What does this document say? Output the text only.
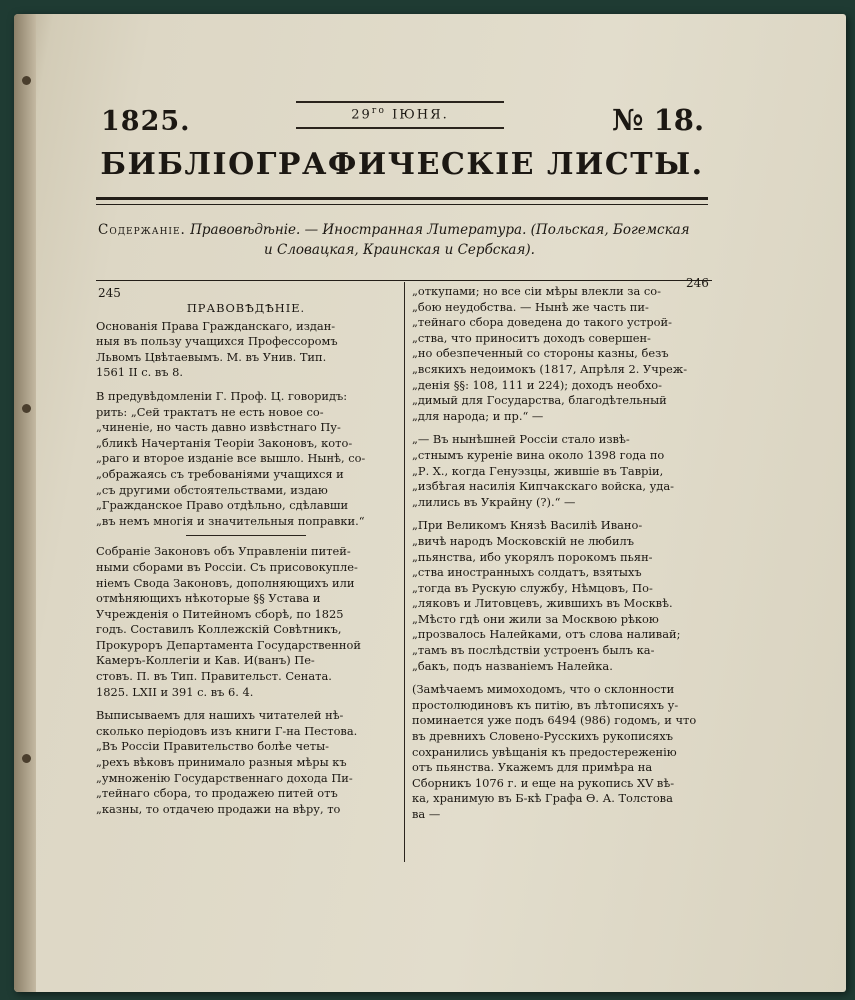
1825.	$29^{го}$ IЮНЯ.	№ 18.
БИБЛІОГРАФИЧЕСКІЕ ЛИСТЫ.
Содержаніе. Правовѣдѣніе. — Иностранная Литература. (Польская, Богемская
и Словацкая, Краинская и Сербская).
245
246

ПРАВОВѢДѢНІЕ.

Основанія Права Гражданскаго, издан-

ныя въ пользу учащихся Профессоромъ

Львомъ Цвѣтаевымъ. М. въ Унив. Тип.

1561 II с. въ 8.

В предувѣдомленіи Г. Проф. Ц. говоридъ:

рить: „Сей трактатъ не есть новое со-

„чиненіе, но часть давно извѣстнаго Пу-

„бликѣ Начертанія Теоріи Законовъ, кото-

„раго и второе изданіе все вышло. Нынѣ, со-

„ображаясь съ требованіями учащихся и

„съ другими обстоятельствами, издаю

„Гражданское Право отдѣльно, сдѣлавши

„въ немъ многія и значительныя поправки.“

Собраніе Законовъ объ Управленіи питей-

ными сборами въ Россіи. Съ присовокупле-

ніемъ Свода Законовъ, дополняющихъ или

отмѣняющихъ нѣкоторые §§ Устава и

Учрежденія о Питейномъ сборѣ, по 1825

годъ. Составилъ Коллежскій Совѣтникъ,

Прокуроръ Департамента Государственной

Камеръ-Коллегіи и Кав. И(ванъ) Пе-

стовъ. П. въ Тип. Правительст. Сената.

1825. LXII и 391 с. въ 6. 4.

Выписываемъ для нашихъ читателей нѣ-

сколько періодовъ изъ книги Г-на Пестова.

„Въ Россіи Правительство болѣе четы-

„рехъ вѣковъ принимало разныя мѣры къ

„умноженію Государственнаго дохода Пи-

„тейнаго сбора, то продажею питей отъ

„казны, то отдачею продажи на вѣру, то

„откупами; но все сіи мѣры влекли за со-

„бою неудобства. — Нынѣ же часть пи-

„тейнаго сбора доведена до такого устрой-

„ства, что приноситъ доходъ совершен-

„но обезпеченный со стороны казны, безъ

„всякихъ недоимокъ (1817, Апрѣля 2. Учреж-

„денія §§: 108, 111 и 224); доходъ необхо-

„димый для Государства, благодѣтельный

„для народа; и пр.“ —

„— Въ нынѣшней Россіи стало извѣ-

„стнымъ куреніе вина около 1398 года по

„Р. Х., когда Генуэзцы, жившіе въ Тавріи,

„избѣгая насилія Кипчакскаго войска, уда-

„лились въ Украйну (?).“ —

„При Великомъ Князѣ Василіѣ Ивано-

„вичѣ народъ Московскій не любилъ

„пьянства, ибо укорялъ порокомъ пьян-

„ства иностранныхъ солдатъ, взятыхъ

„тогда въ Рускую службу, Нѣмцовъ, По-

„ляковъ и Литовцевъ, жившихъ въ Москвѣ.

„Мѣсто гдѣ они жили за Москвою рѣкою

„прозвалось Налейками, отъ слова наливай;

„тамъ въ послѣдствіи устроенъ былъ ка-

„бакъ, подъ названіемъ Налейка.

(Замѣчаемъ мимоходомъ, что о склонности

простолюдиновъ къ питію, въ лѣтописяхъ у-

поминается уже подъ 6494 (986) годомъ, и что

въ древнихъ Словено-Русскихъ рукописяхъ

сохранились увѣщанія къ предостереженію

отъ пьянства. Укажемъ для примѣра на

Сборникъ 1076 г. и еще на рукопись XV вѣ-

ка, хранимую въ Б-кѣ Графа Ѳ. А. Толстова

ва —
